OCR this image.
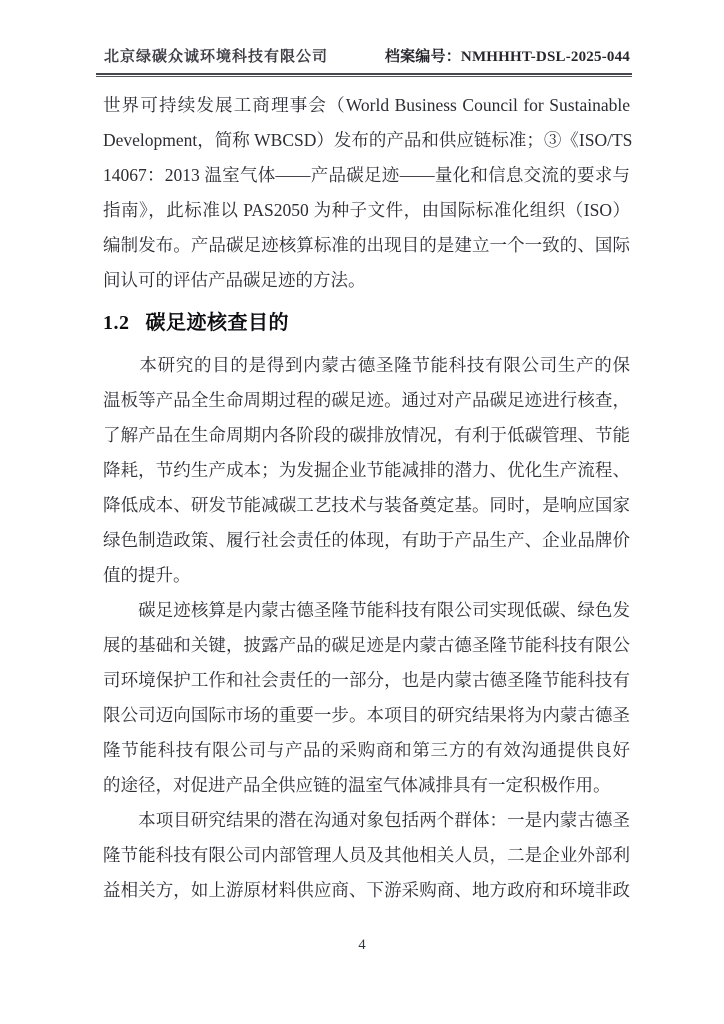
北京绿碳众诚环境科技有限公司	档案编号：NMHHHT-DSL-2025-044
世界可持续发展工商理事会（World Business Council for Sustainable
Development，简称 WBCSD）发布的产品和供应链标准；③《ISO/TS
14067：2013 温室气体——产品碳足迹——量化和信息交流的要求与
指南》，此标准以 PAS2050 为种子文件，由国际标准化组织（ISO）
编制发布。产品碳足迹核算标准的出现目的是建立一个一致的、国际
间认可的评估产品碳足迹的方法。
1.2 碳足迹核查目的
　　本研究的目的是得到内蒙古德圣隆节能科技有限公司生产的保
温板等产品全生命周期过程的碳足迹。通过对产品碳足迹进行核查，
了解产品在生命周期内各阶段的碳排放情况，有利于低碳管理、节能
降耗，节约生产成本；为发掘企业节能减排的潜力、优化生产流程、
降低成本、研发节能减碳工艺技术与装备奠定基。同时，是响应国家
绿色制造政策、履行社会责任的体现，有助于产品生产、企业品牌价
值的提升。
　　碳足迹核算是内蒙古德圣隆节能科技有限公司实现低碳、绿色发
展的基础和关键，披露产品的碳足迹是内蒙古德圣隆节能科技有限公
司环境保护工作和社会责任的一部分，也是内蒙古德圣隆节能科技有
限公司迈向国际市场的重要一步。本项目的研究结果将为内蒙古德圣
隆节能科技有限公司与产品的采购商和第三方的有效沟通提供良好
的途径，对促进产品全供应链的温室气体减排具有一定积极作用。
　　本项目研究结果的潜在沟通对象包括两个群体：一是内蒙古德圣
隆节能科技有限公司内部管理人员及其他相关人员，二是企业外部利
益相关方，如上游原材料供应商、下游采购商、地方政府和环境非政
4
